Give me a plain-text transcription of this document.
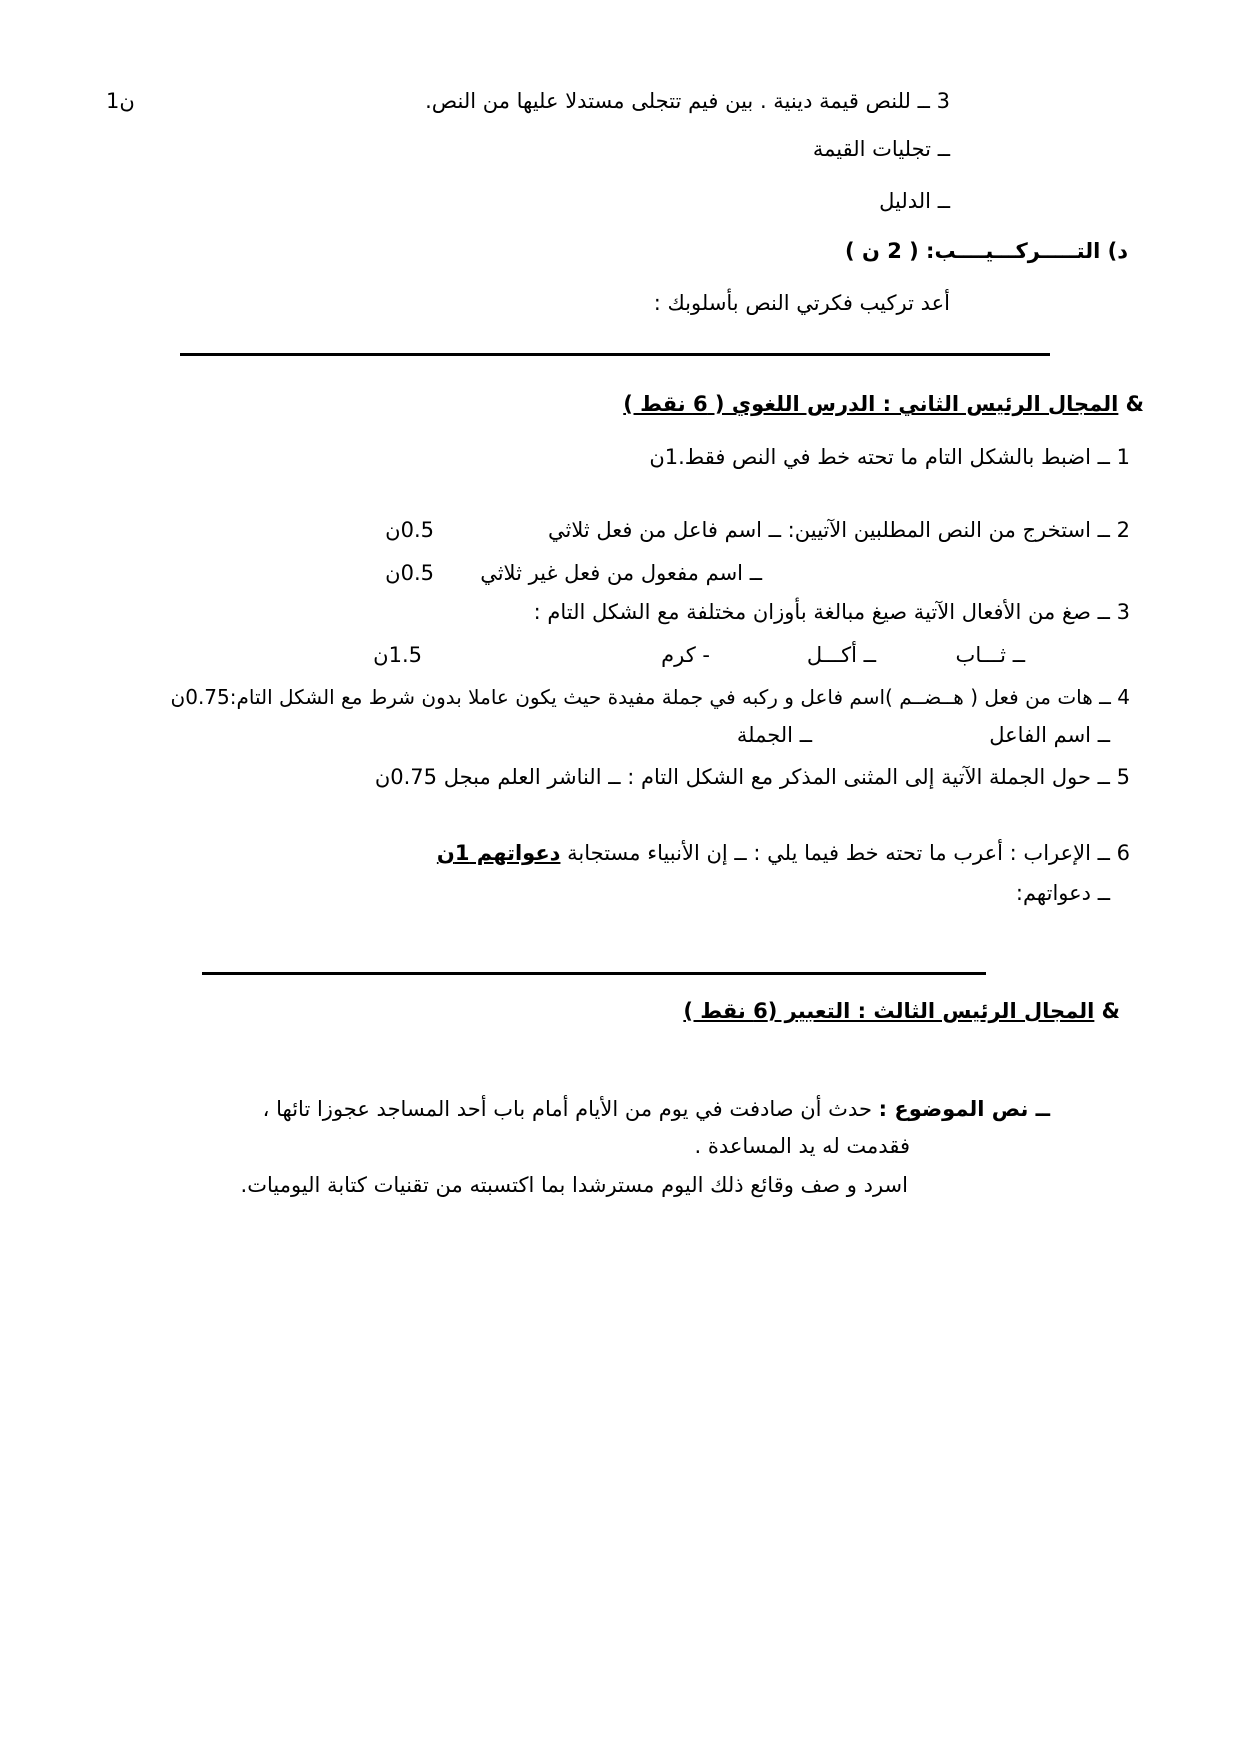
3 ــ للنص قيمة دينية . بين فيم تتجلى مستدلا عليها من النص.
1ن
ــ تجليات القيمة
ــ الدليل
د) التـــــركـــيــــب: ( 2 ن )
أعد تركيب فكرتي النص بأسلوبك :
& المجال الرئيس الثاني : الدرس اللغوي ( 6 نقط )
1 ــ اضبط بالشكل التام ما تحته خط في النص فقط.1ن
2 ــ استخرج من النص المطلبين الآتيين: ــ اسم فاعل من فعل ثلاثي
0.5ن
ــ اسم مفعول من فعل غير ثلاثي
0.5ن
3 ــ صغ من الأفعال الآتية صيغ مبالغة بأوزان مختلفة مع الشكل التام :
ــ ثـــاب
ــ أكـــل
- كرم
1.5ن
4 ــ هات من فعل ( هــضــم )اسم فاعل و ركبه في جملة مفيدة حيث يكون عاملا بدون شرط مع الشكل التام:0.75ن
ــ اسم الفاعل
ــ الجملة
5 ــ حول الجملة الآتية إلى المثنى المذكر مع الشكل التام : ــ الناشر العلم مبجل 0.75ن
6 ــ الإعراب : أعرب ما تحته خط فيما يلي : ــ إن الأنبياء مستجابة دعواتهم 1ن
ــ دعواتهم:
& المجال الرئيس الثالث : التعبير (6 نقط )
ــ نص الموضوع : حدث أن صادفت في يوم من الأيام أمام باب أحد المساجد عجوزا تائها ،
فقدمت له يد المساعدة .
اسرد و صف وقائع ذلك اليوم مسترشدا بما اكتسبته من تقنيات كتابة اليوميات.
